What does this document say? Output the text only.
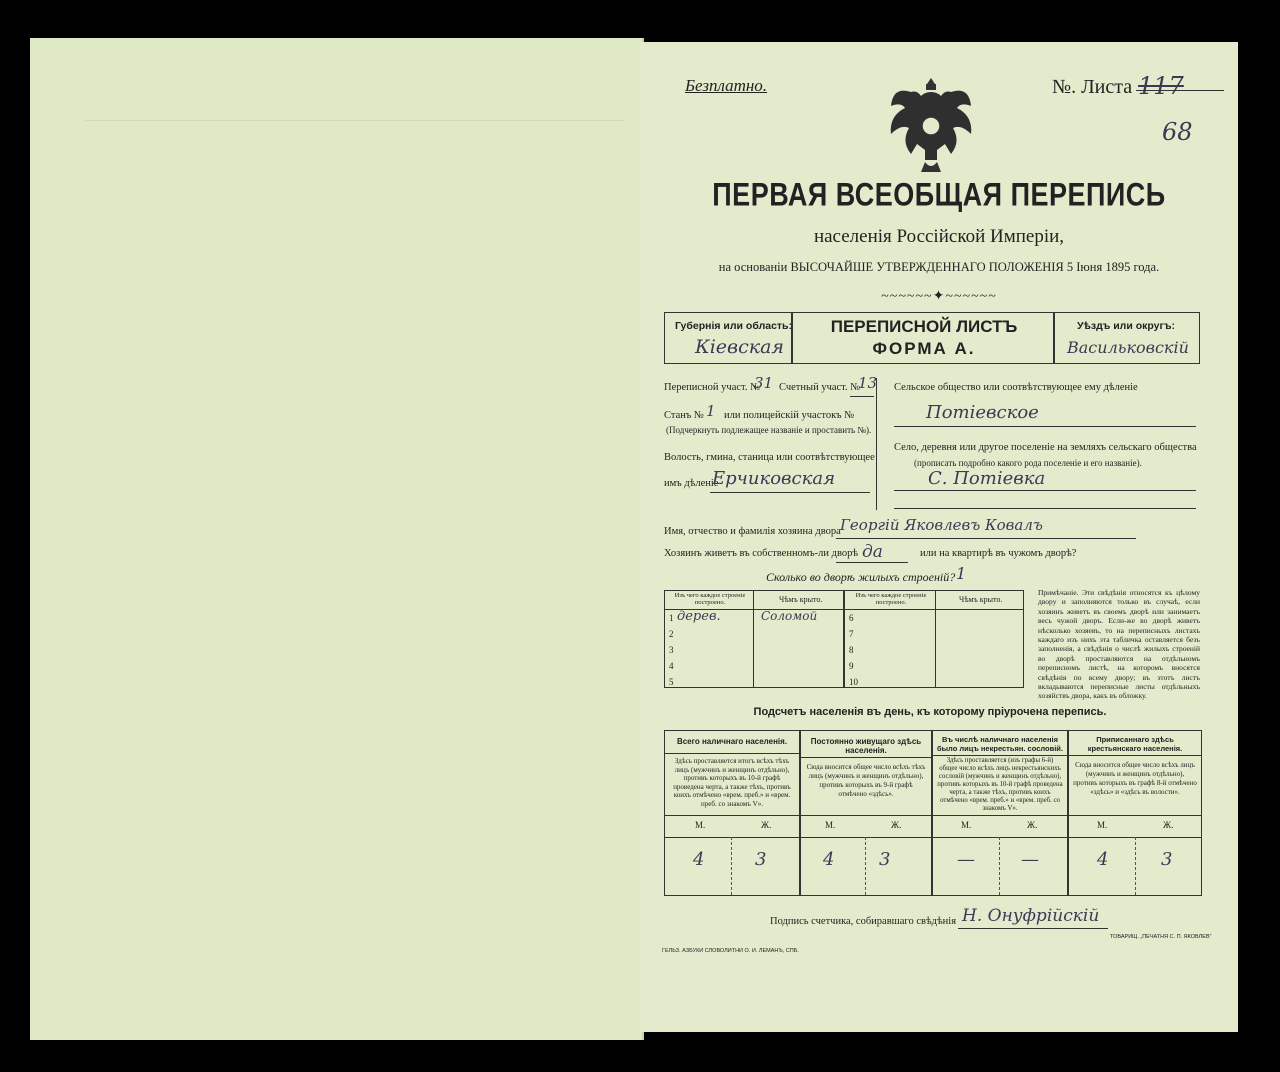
Безплатно.	№. Листа 117
68
ПЕРВАЯ ВСЕОБЩАЯ ПЕРЕПИСЬ
населенія Россійской Имперіи,
на основаніи ВЫСОЧАЙШЕ УТВЕРЖДЕННАГО ПОЛОЖЕНІЯ 5 Іюня 1895 года.
~~~~~~✦~~~~~~
Губернія или область:
Кіевская
ПЕРЕПИСНОЙ ЛИСТЪ
ФОРМА А.
Уѣздъ или округъ:
Васильковскій
Переписной участ. №
31 Счетный участ. №
13
Станъ № 1 или полицейскій участокъ №
(Подчеркнуть подлежащее названіе и проставить №).
Волость, гмина, станица или соотвѣтствующее
имъ дѣленіе
Ерчиковская
Сельское общество или соотвѣтствующее ему дѣленіе
Потіевское
Село, деревня или другое поселеніе на земляхъ сельскаго общества
(прописать подробно какого рода поселеніе и его названіе).
С. Потіевка
Имя, отчество и фамилія хозяина двора Георгій Яковлевъ Ковалъ
Хозяинъ живетъ въ собственномъ-ли дворѣ да	или на квартирѣ въ чужомъ дворѣ?
Сколько во дворѣ жилыхъ строеній? 1
Изъ чего каждое строеніе построено.	Чѣмъ крыто.	Изъ чего каждое строеніе построено.	Чѣмъ крыто.
1 дерев.	Соломой
2
3
4
5
6
7
8
9
10
Примѣчаніе. Эти свѣдѣнія относятся къ цѣлому двору и заполняются только въ случаѣ, если хозяинъ живетъ въ своемъ дворѣ или занимаетъ весь чужой дворъ. Если-же во дворѣ живетъ нѣсколько хозяевъ, то на переписныхъ листахъ каждаго изъ нихъ эта табличка оставляется безъ заполненія, а свѣдѣнія о числѣ жилыхъ строеній во дворѣ проставляются на отдѣльномъ переписномъ листѣ, на которомъ вносятся свѣдѣнія по всему двору; въ этотъ листъ вкладываются переписные листы отдѣльныхъ хозяйствъ двора, какъ въ обложку.
Подсчетъ населенія въ день, къ которому пріурочена перепись.
Всего наличнаго населенія.
Здѣсь проставляется итогъ всѣхъ тѣхъ лицъ (мужчинъ и женщинъ отдѣльно), противъ которыхъ въ 10-й графѣ проведена черта, а также тѣхъ, противъ коихъ отмѣчено «врем. преб.» и «врем. преб. со знакомъ V».
М.	Ж.
4	3
Постоянно живущаго здѣсь населенія.
Сюда вносится общее число всѣхъ тѣхъ лицъ (мужчинъ и женщинъ отдѣльно), противъ которыхъ въ 9-й графѣ отмѣчено «здѣсь».
М.	Ж.
4 3
Въ числѣ наличнаго населенія было лицъ некрестьян. сословій.
Здѣсь проставляется (изъ графы 6-й) общее число всѣхъ лицъ некрестьянскихъ сословій (мужчинъ и женщинъ отдѣльно), противъ которыхъ въ 10-й графѣ проведена черта, а также тѣхъ, противъ коихъ отмѣчено «врем. преб.» и «врем. преб. со знакомъ V».
М.	Ж.
—	—
Приписаннаго здѣсь крестьянскаго населенія.
Сюда вносится общее число всѣхъ лицъ (мужчинъ и женщинъ отдѣльно), противъ которыхъ въ графѣ 8-й отмѣчено «здѣсь» и «здѣсь въ волости».
М.	Ж.
4	3
Подпись счетчика, собиравшаго свѣдѣнія Н. Онуфрійскій
ГЕЛЬЗ. АЗБУКИ СЛОВОЛИТНИ О. И. ЛЕМАНЪ, СПБ.
ТОВАРИЩ. „ПЕЧАТНЯ С. П. ЯКОВЛЕВ"
